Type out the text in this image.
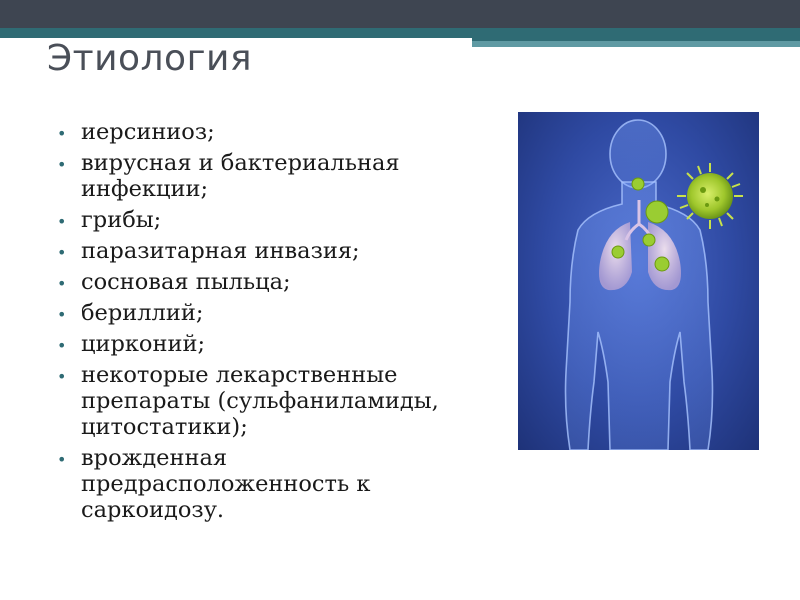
Этиология
• иерсиниоз;
• вирусная и бактериальная инфекции;
• грибы;
• паразитарная инвазия;
• сосновая пыльца;
• бериллий;
• цирконий;
• некоторые лекарственные препараты (сульфаниламиды, цитостатики);
• врожденная предрасположенность к саркоидозу.
